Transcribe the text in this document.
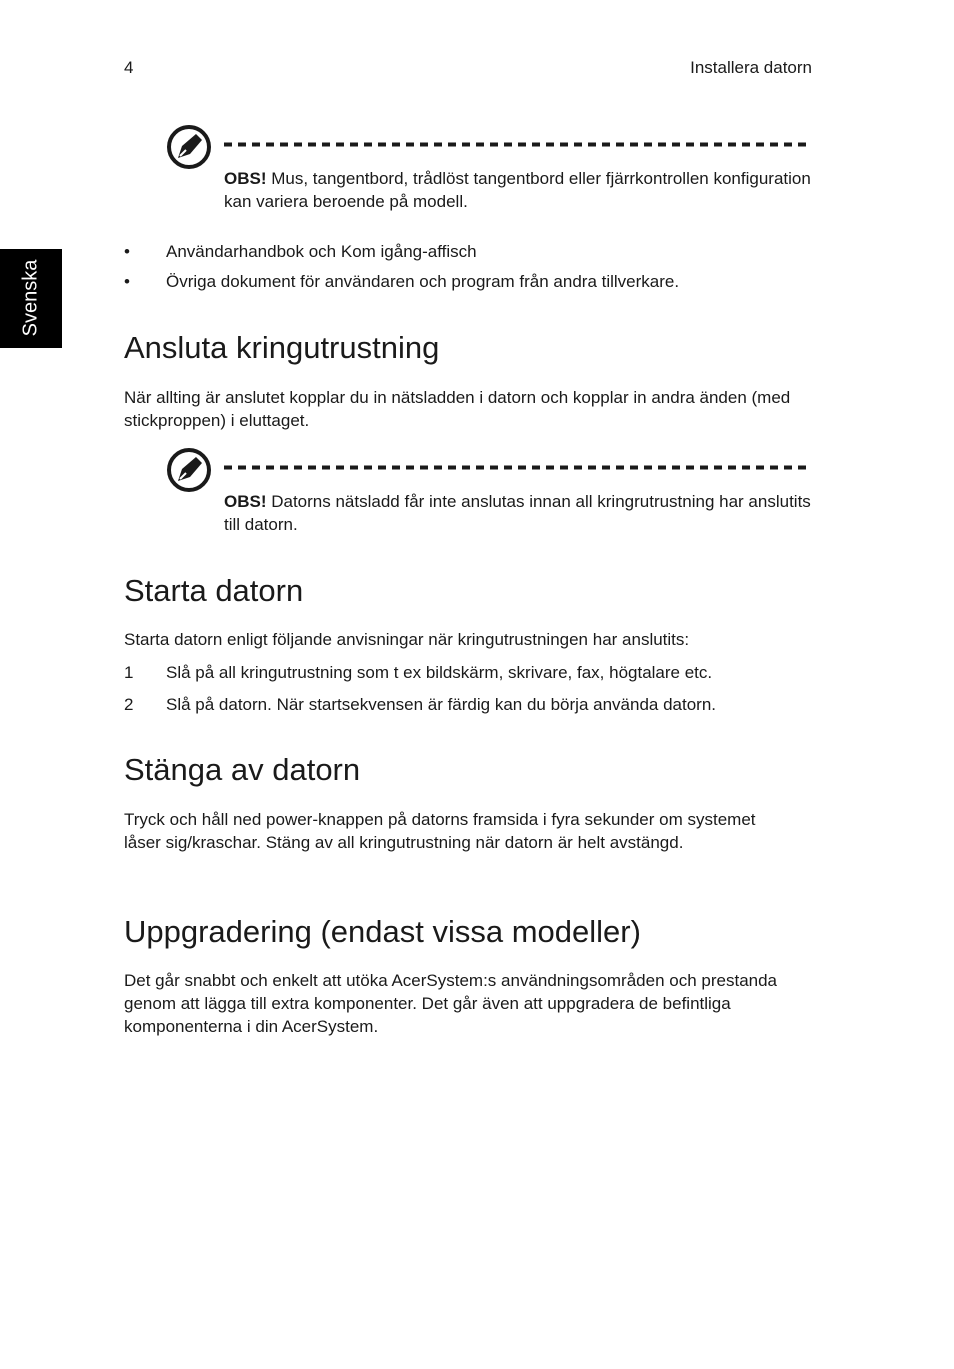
4	Installera datorn
Svenska

OBS! Mus, tangentbord, trådlöst tangentbord eller fjärrkontrollen konfiguration kan variera beroende på modell.

• Användarhandbok och Kom igång-affisch

• Övriga dokument för användaren och program från andra tillverkare.

Ansluta kringutrustning

När allting är anslutet kopplar du in nätsladden i datorn och kopplar in andra änden (med stickproppen) i eluttaget.

OBS! Datorns nätsladd får inte anslutas innan all kringrutrustning har anslutits till datorn.

Starta datorn

Starta datorn enligt följande anvisningar när kringutrustningen har anslutits:

1 Slå på all kringutrustning som t ex bildskärm, skrivare, fax, högtalare etc.

2 Slå på datorn. När startsekvensen är färdig kan du börja använda datorn.

Stänga av datorn

Tryck och håll ned power-knappen på datorns framsida i fyra sekunder om systemet låser sig/kraschar. Stäng av all kringutrustning när datorn är helt avstängd.

Uppgradering (endast vissa modeller)

Det går snabbt och enkelt att utöka AcerSystem:s användningsområden och prestanda genom att lägga till extra komponenter. Det går även att uppgradera de befintliga komponenterna i din AcerSystem.
